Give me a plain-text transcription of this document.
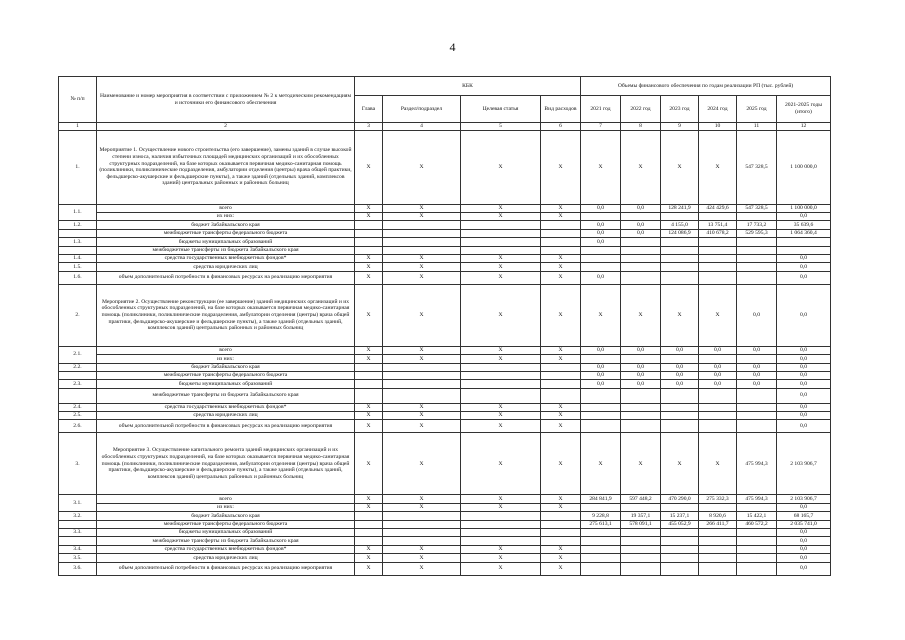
4
№ п/п	Наименование и номер мероприятия в соответствии с приложением № 2 к методическим рекомендациям и источники его финансового обеспечения	КБК				Объемы финансового обеспечения по годам реализации РП (тыс. рублей)					
		Глава	Раздел/подраздел	Целевая статья	Вид расходов	2021 год	2022 год	2023 год	2024 год	2025 год	2021-2025 годы (итого)
1	2	3	4	5	6	7	8	9	10	11	12
1.	Мероприятие 1. Осуществление нового строительства (его завершение), замены зданий в случае высокой степени износа, наличия избыточных площадей медицинских организаций и их обособленных структурных подразделений, на базе которых оказывается первичная медико-санитарная помощь (поликлиники, поликлинические подразделения, амбулатории отделения (центры) врача общей практики, фельдшерско-акушерские и фельдшерские пункты), а также зданий (отдельных зданий, комплексов зданий) центральных районных и районных больниц	X	X	X	X	X	X	X	X	547 328,5	1 100 000,0
1.1.	всего	X	X	X	X	0,0	0,0	128 241,9	424 429,6	547 328,5	1 100 000,0
	их них:	X	X	X	X						0,0
1.2.	бюджет Забайкальского края					0,0	0,0	4 155,0	13 751,4	17 733,2	35 639,6
	межбюджетные трансферты федерального бюджета					0,0	0,0	124 086,9	410 678,2	529 595,3	1 064 360,4
1.3.	бюджеты муниципальных образований					0,0					
	межбюджетные трансферты из бюджета Забайкальского края										
1.4.	средства государственных внебюджетных фондов*	X	X	X	X						0,0
1.5.	средства юридических лиц	X	X	X	X						0,0
1.6.	объем дополнительной потребности в финансовых ресурсах на реализацию мероприятия	X	X	X	X	0,0					0,0
2.	Мероприятие 2. Осуществление реконструкции (ее завершение) зданий медицинских организаций и их обособленных структурных подразделений, на базе которых оказывается первичная медико-санитарная помощь (поликлиники, поликлинические подразделения, амбулатории отделения (центры) врача общей практики, фельдшерско-акушерские и фельдшерские пункты), а также зданий (отдельных зданий, комплексов зданий) центральных районных и районных больниц	X	X	X	X	X	X	X	X	0,0	0,0
2.1.	всего	X	X	X	X	0,0	0,0	0,0	0,0	0,0	0,0
	из них:	X	X	X	X						0,0
2.2.	бюджет Забайкальского края					0,0	0,0	0,0	0,0	0,0	0,0
	межбюджетные трансферты федерального бюджета					0,0	0,0	0,0	0,0	0,0	0,0
2.3.	бюджеты муниципальных образований					0,0	0,0	0,0	0,0	0,0	0,0
	межбюджетные трансферты из бюджета Забайкальского края										0,0
2.4.	средства государственных внебюджетных фондов*	X	X	X	X						0,0
2.5.	средства юридических лиц	X	X	X	X						0,0
2.6.	объем дополнительной потребности в финансовых ресурсах на реализацию мероприятия	X	X	X	X						0,0
3.	Мероприятие 3. Осуществление капитального ремонта зданий медицинских организаций и их обособленных структурных подразделений, на базе которых оказывается первичная медико-санитарная помощь (поликлиники, поликлинические подразделения, амбулатории отделения (центры) врача общей практики, фельдшерско-акушерские и фельдшерские пункты), а также зданий (отдельных зданий, комплексов зданий) центральных районных и районных больниц	X	X	X	X	X	X	X	X	475 994,3	2 103 906,7
3.1.	всего	X	X	X	X	284 841,9	597 448,2	470 290,0	275 332,3	475 994,3	2 103 906,7
	из них:	X	X	X	X						0,0
3.2.	бюджет Забайкальского края					9 228,8	19 357,1	15 237,1	8 920,6	15 422,1	68 165,7
	межбюджетные трансферты федерального бюджета					275 613,1	578 091,1	455 052,9	266 411,7	460 572,2	2 035 741,0
3.3.	бюджеты муниципальных образований										0,0
	межбюджетные трансферты из бюджета Забайкальского края										0,0
3.4.	средства государственных внебюджетных фондов*	X	X	X	X						0,0
3.5.	средства юридических лиц	X	X	X	X						0,0
3.6.	объем дополнительной потребности в финансовых ресурсах на реализацию мероприятия	X	X	X	X						0,0
